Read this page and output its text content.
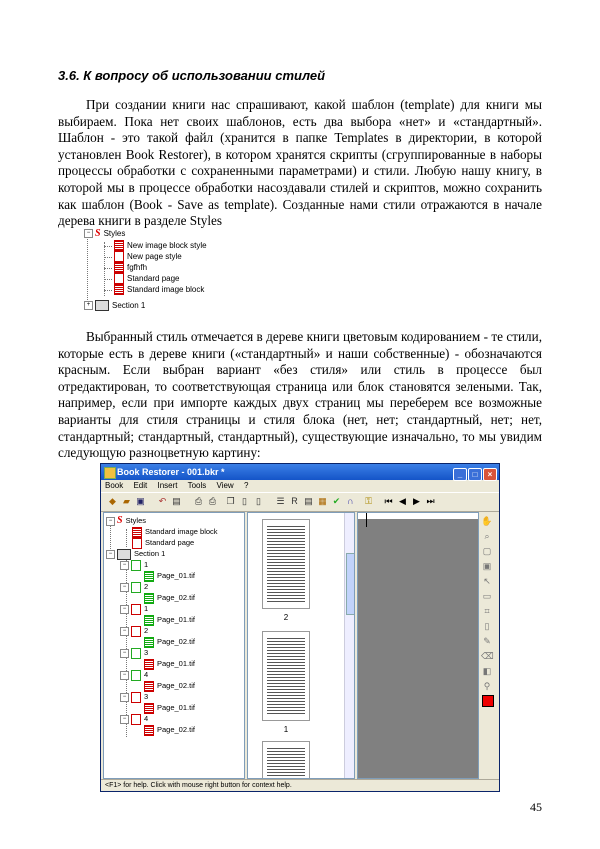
3.6. К вопросу об использовании стилей
При создании книги нас спрашивают, какой шаблон (template) для книги мы выбираем. Пока нет своих шаблонов, есть два выбора «нет» и «стандартный». Шаблон - это такой файл (хранится в папке Templates в директории, в которой установлен Book Restorer), в котором хранятся скрипты (сгруппированные в наборы процессы обработки с сохраненными параметрами) и стили. Любую нашу книгу, в которой мы в процессе обработки насоздавали стилей и скриптов, можно сохранить как шаблон (Book - Save as template). Созданные нами стили отражаются в начале дерева книги в разделе Styles
− S Styles
New image block style
New page style
fgfhfh
Standard page
Standard image block
+	Section 1
Выбранный стиль отмечается в дереве книги цветовым кодированием - те стили, которые есть в дереве книги («стандартный» и наши собственные) - обозначаются красным. Если выбран вариант «без стиля» или стиль в процессе был отредактирован, то соответствующая страница или блок становятся зелеными. Так, например, если при импорте каждых двух страниц мы переберем все возможные варианты для стиля страницы и стиля блока (нет, нет; стандартный, нет; нет, стандартный; стандартный, стандартный), существующие изначально, то мы увидим следующую разноцветную картину:
Book Restorer - 001.bkr *	_ □ ×
Book Edit Insert Tools View ?
◆ ▰ ▣ ↶ ▤ ⎙ ⎙ ❐ ▯	▯	☰ R ▤ ▦ ✔ ∩ ⚿ ⏮ ◀ ▶ ⏭
− S Styles
Standard image block
Standard page
−	Section 1
− 1
Page_01.tif
− 2
Page_02.tif
− 1
Page_01.tif
− 2
Page_02.tif
− 3
Page_01.tif
− 4
Page_02.tif
− 3
Page_01.tif
− 4
Page_02.tif
2
1
✋
⌕
▢
▣
↖
▭
⌗
▯
✎
⌫
◧
⚲
<F1> for help. Click with mouse right button for context help.
45
